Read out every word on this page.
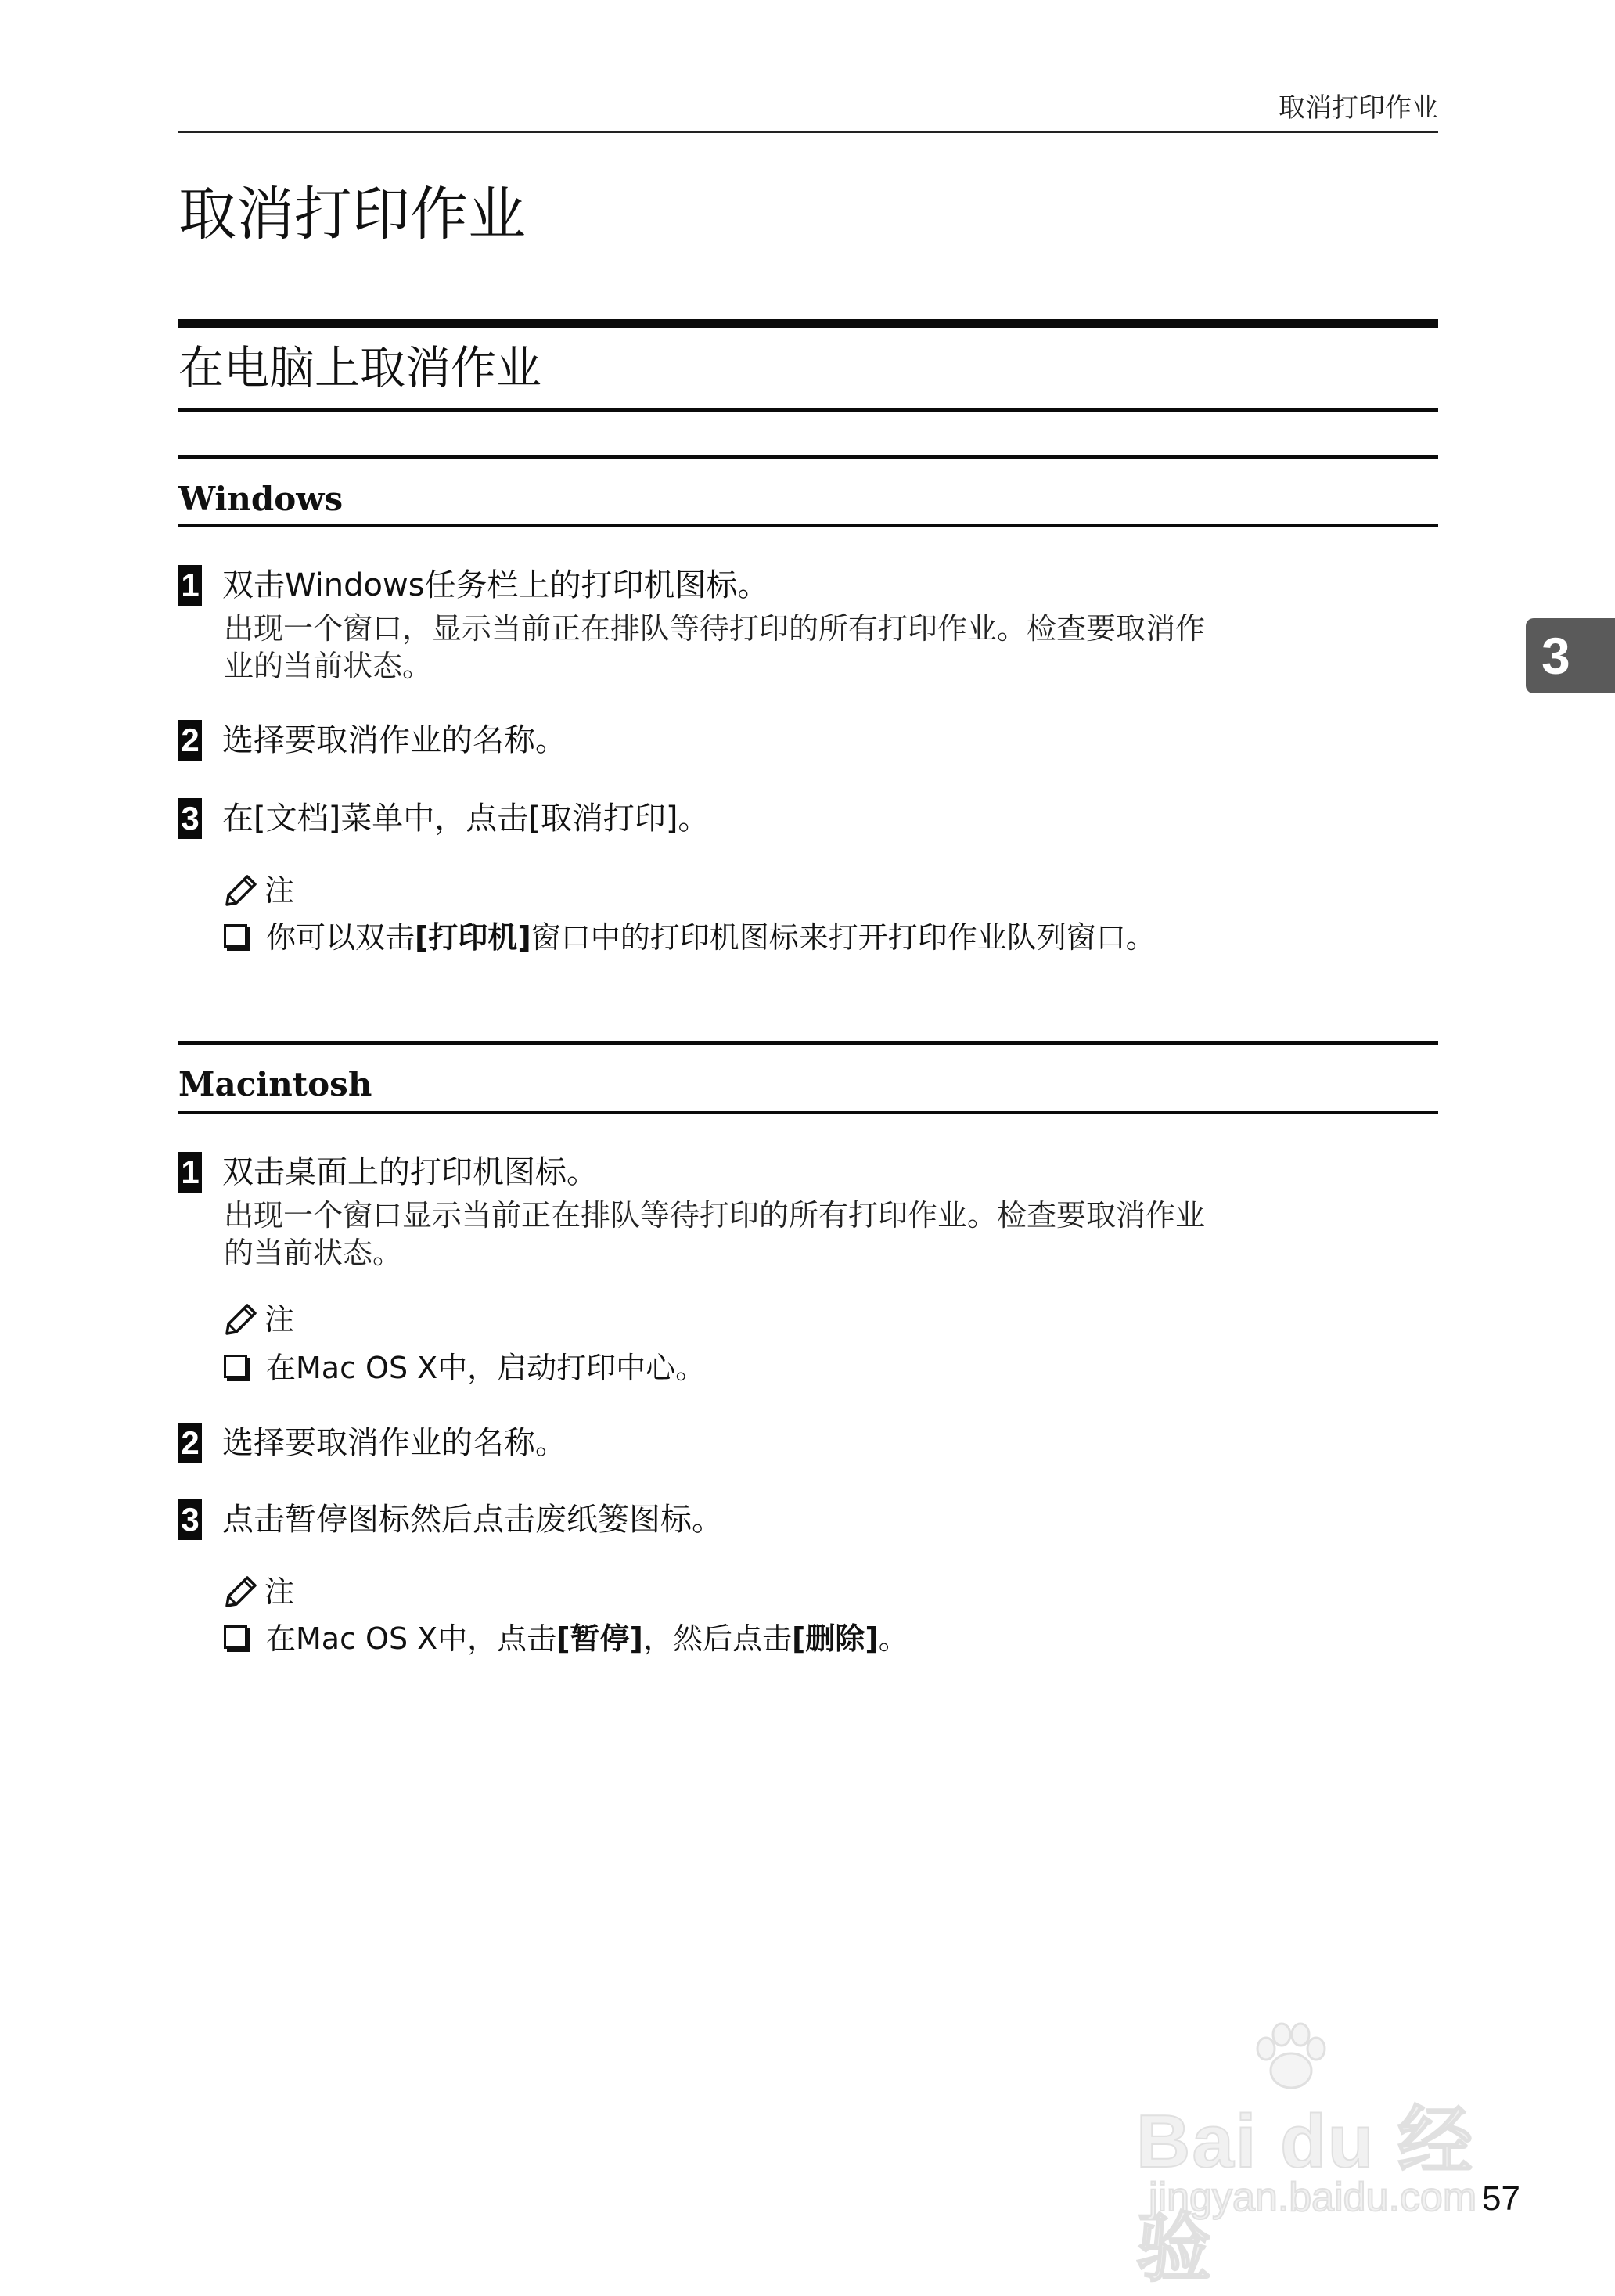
取消打印作业
取消打印作业
在电脑上取消作业
Windows
1 双击Windows任务栏上的打印机图标。
出现一个窗口，显示当前正在排队等待打印的所有打印作业。检查要取消作
业的当前状态。
2 选择要取消作业的名称。
3 在[文档]菜单中，点击[取消打印]。
注
你可以双击 [打印机] 窗口中的打印机图标来打开打印作业队列窗口。
Macintosh
1 双击桌面上的打印机图标。
出现一个窗口显示当前正在排队等待打印的所有打印作业。检查要取消作业
的当前状态。
注
在Mac OS X中，启动打印中心。
2 选择要取消作业的名称。
3 点击暂停图标然后点击废纸篓图标。
注
在Mac OS X中，点击 [暂停] ，然后点击 [删除] 。
3
Bai du 经验
jingyan.baidu.com 57
